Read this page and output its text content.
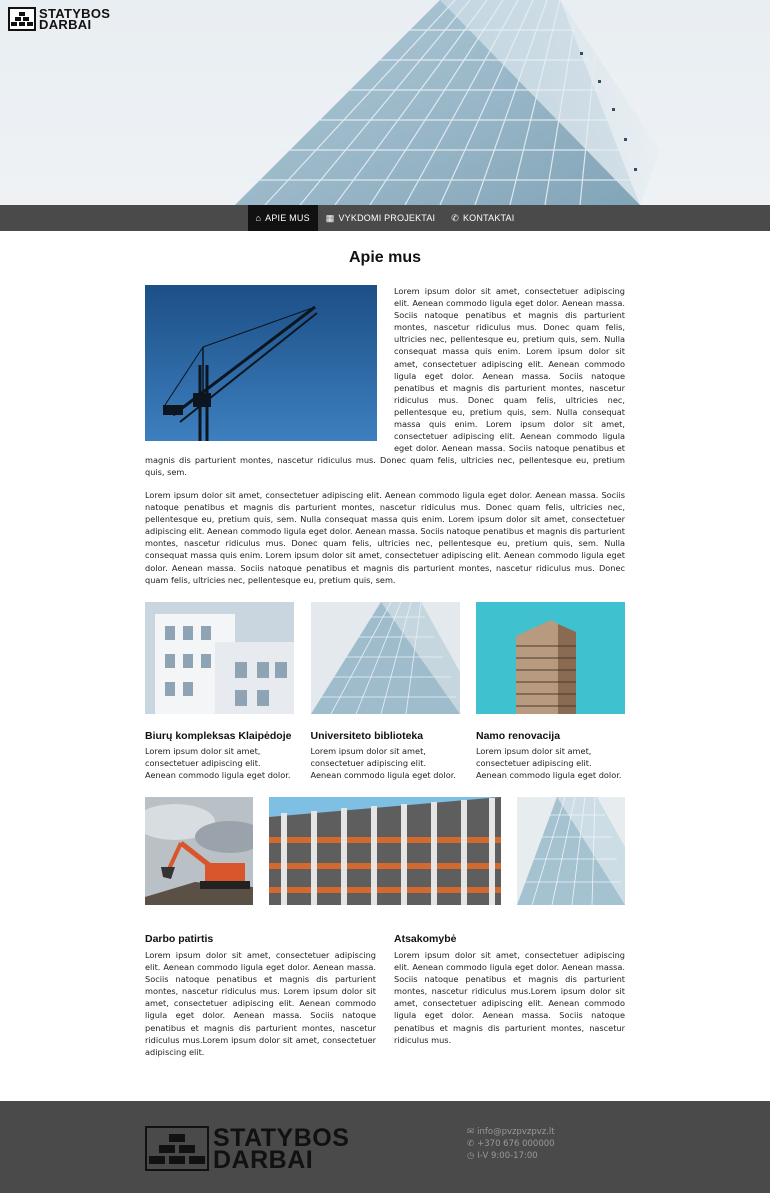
STATYBOS
DARBAI
⌂ APIE MUS ▦ VYKDOMI PROJEKTAI ✆ KONTAKTAI
Apie mus
Lorem ipsum dolor sit amet, consectetuer adipiscing elit. Aenean commodo ligula eget dolor. Aenean massa. Sociis natoque penatibus et magnis dis parturient montes, nascetur ridiculus mus. Donec quam felis, ultricies nec, pellentesque eu, pretium quis, sem. Nulla consequat massa quis enim. Lorem ipsum dolor sit amet, consectetuer adipiscing elit. Aenean commodo ligula eget dolor. Aenean massa. Sociis natoque penatibus et magnis dis parturient montes, nascetur ridiculus mus. Donec quam felis, ultricies nec, pellentesque eu, pretium quis, sem. Nulla consequat massa quis enim. Lorem ipsum dolor sit amet, consectetuer adipiscing elit. Aenean commodo ligula eget dolor. Aenean massa. Sociis natoque penatibus et magnis dis parturient montes, nascetur ridiculus mus. Donec quam felis, ultricies nec, pellentesque eu, pretium quis, sem.

Lorem ipsum dolor sit amet, consectetuer adipiscing elit. Aenean commodo ligula eget dolor. Aenean massa. Sociis natoque penatibus et magnis dis parturient montes, nascetur ridiculus mus. Donec quam felis, ultricies nec, pellentesque eu, pretium quis, sem. Nulla consequat massa quis enim. Lorem ipsum dolor sit amet, consectetuer adipiscing elit. Aenean commodo ligula eget dolor. Aenean massa. Sociis natoque penatibus et magnis dis parturient montes, nascetur ridiculus mus. Donec quam felis, ultricies nec, pellentesque eu, pretium quis, sem. Nulla consequat massa quis enim. Lorem ipsum dolor sit amet, consectetuer adipiscing elit. Aenean commodo ligula eget dolor. Aenean massa. Sociis natoque penatibus et magnis dis parturient montes, nascetur ridiculus mus. Donec quam felis, ultricies nec, pellentesque eu, pretium quis, sem.

Biurų kompleksas Klaipėdoje
Lorem ipsum dolor sit amet, consectetuer adipiscing elit. Aenean commodo ligula eget dolor.
Universiteto biblioteka
Lorem ipsum dolor sit amet, consectetuer adipiscing elit. Aenean commodo ligula eget dolor.
Namo renovacija
Lorem ipsum dolor sit amet, consectetuer adipiscing elit. Aenean commodo ligula eget dolor.
Darbo patirtis
Lorem ipsum dolor sit amet, consectetuer adipiscing elit. Aenean commodo ligula eget dolor. Aenean massa. Sociis natoque penatibus et magnis dis parturient montes, nascetur ridiculus mus. Lorem ipsum dolor sit amet, consectetuer adipiscing elit. Aenean commodo ligula eget dolor. Aenean massa. Sociis natoque penatibus et magnis dis parturient montes, nascetur ridiculus mus.Lorem ipsum dolor sit amet, consectetuer adipiscing elit.
Atsakomybė
Lorem ipsum dolor sit amet, consectetuer adipiscing elit. Aenean commodo ligula eget dolor. Aenean massa. Sociis natoque penatibus et magnis dis parturient montes, nascetur ridiculus mus.Lorem ipsum dolor sit amet, consectetuer adipiscing elit. Aenean commodo ligula eget dolor. Aenean massa. Sociis natoque penatibus et magnis dis parturient montes, nascetur ridiculus mus.
STATYBOS
DARBAI
✉ info@pvzpvzpvz.lt
✆ +370 676 000000
◷ I-V 9:00-17:00
